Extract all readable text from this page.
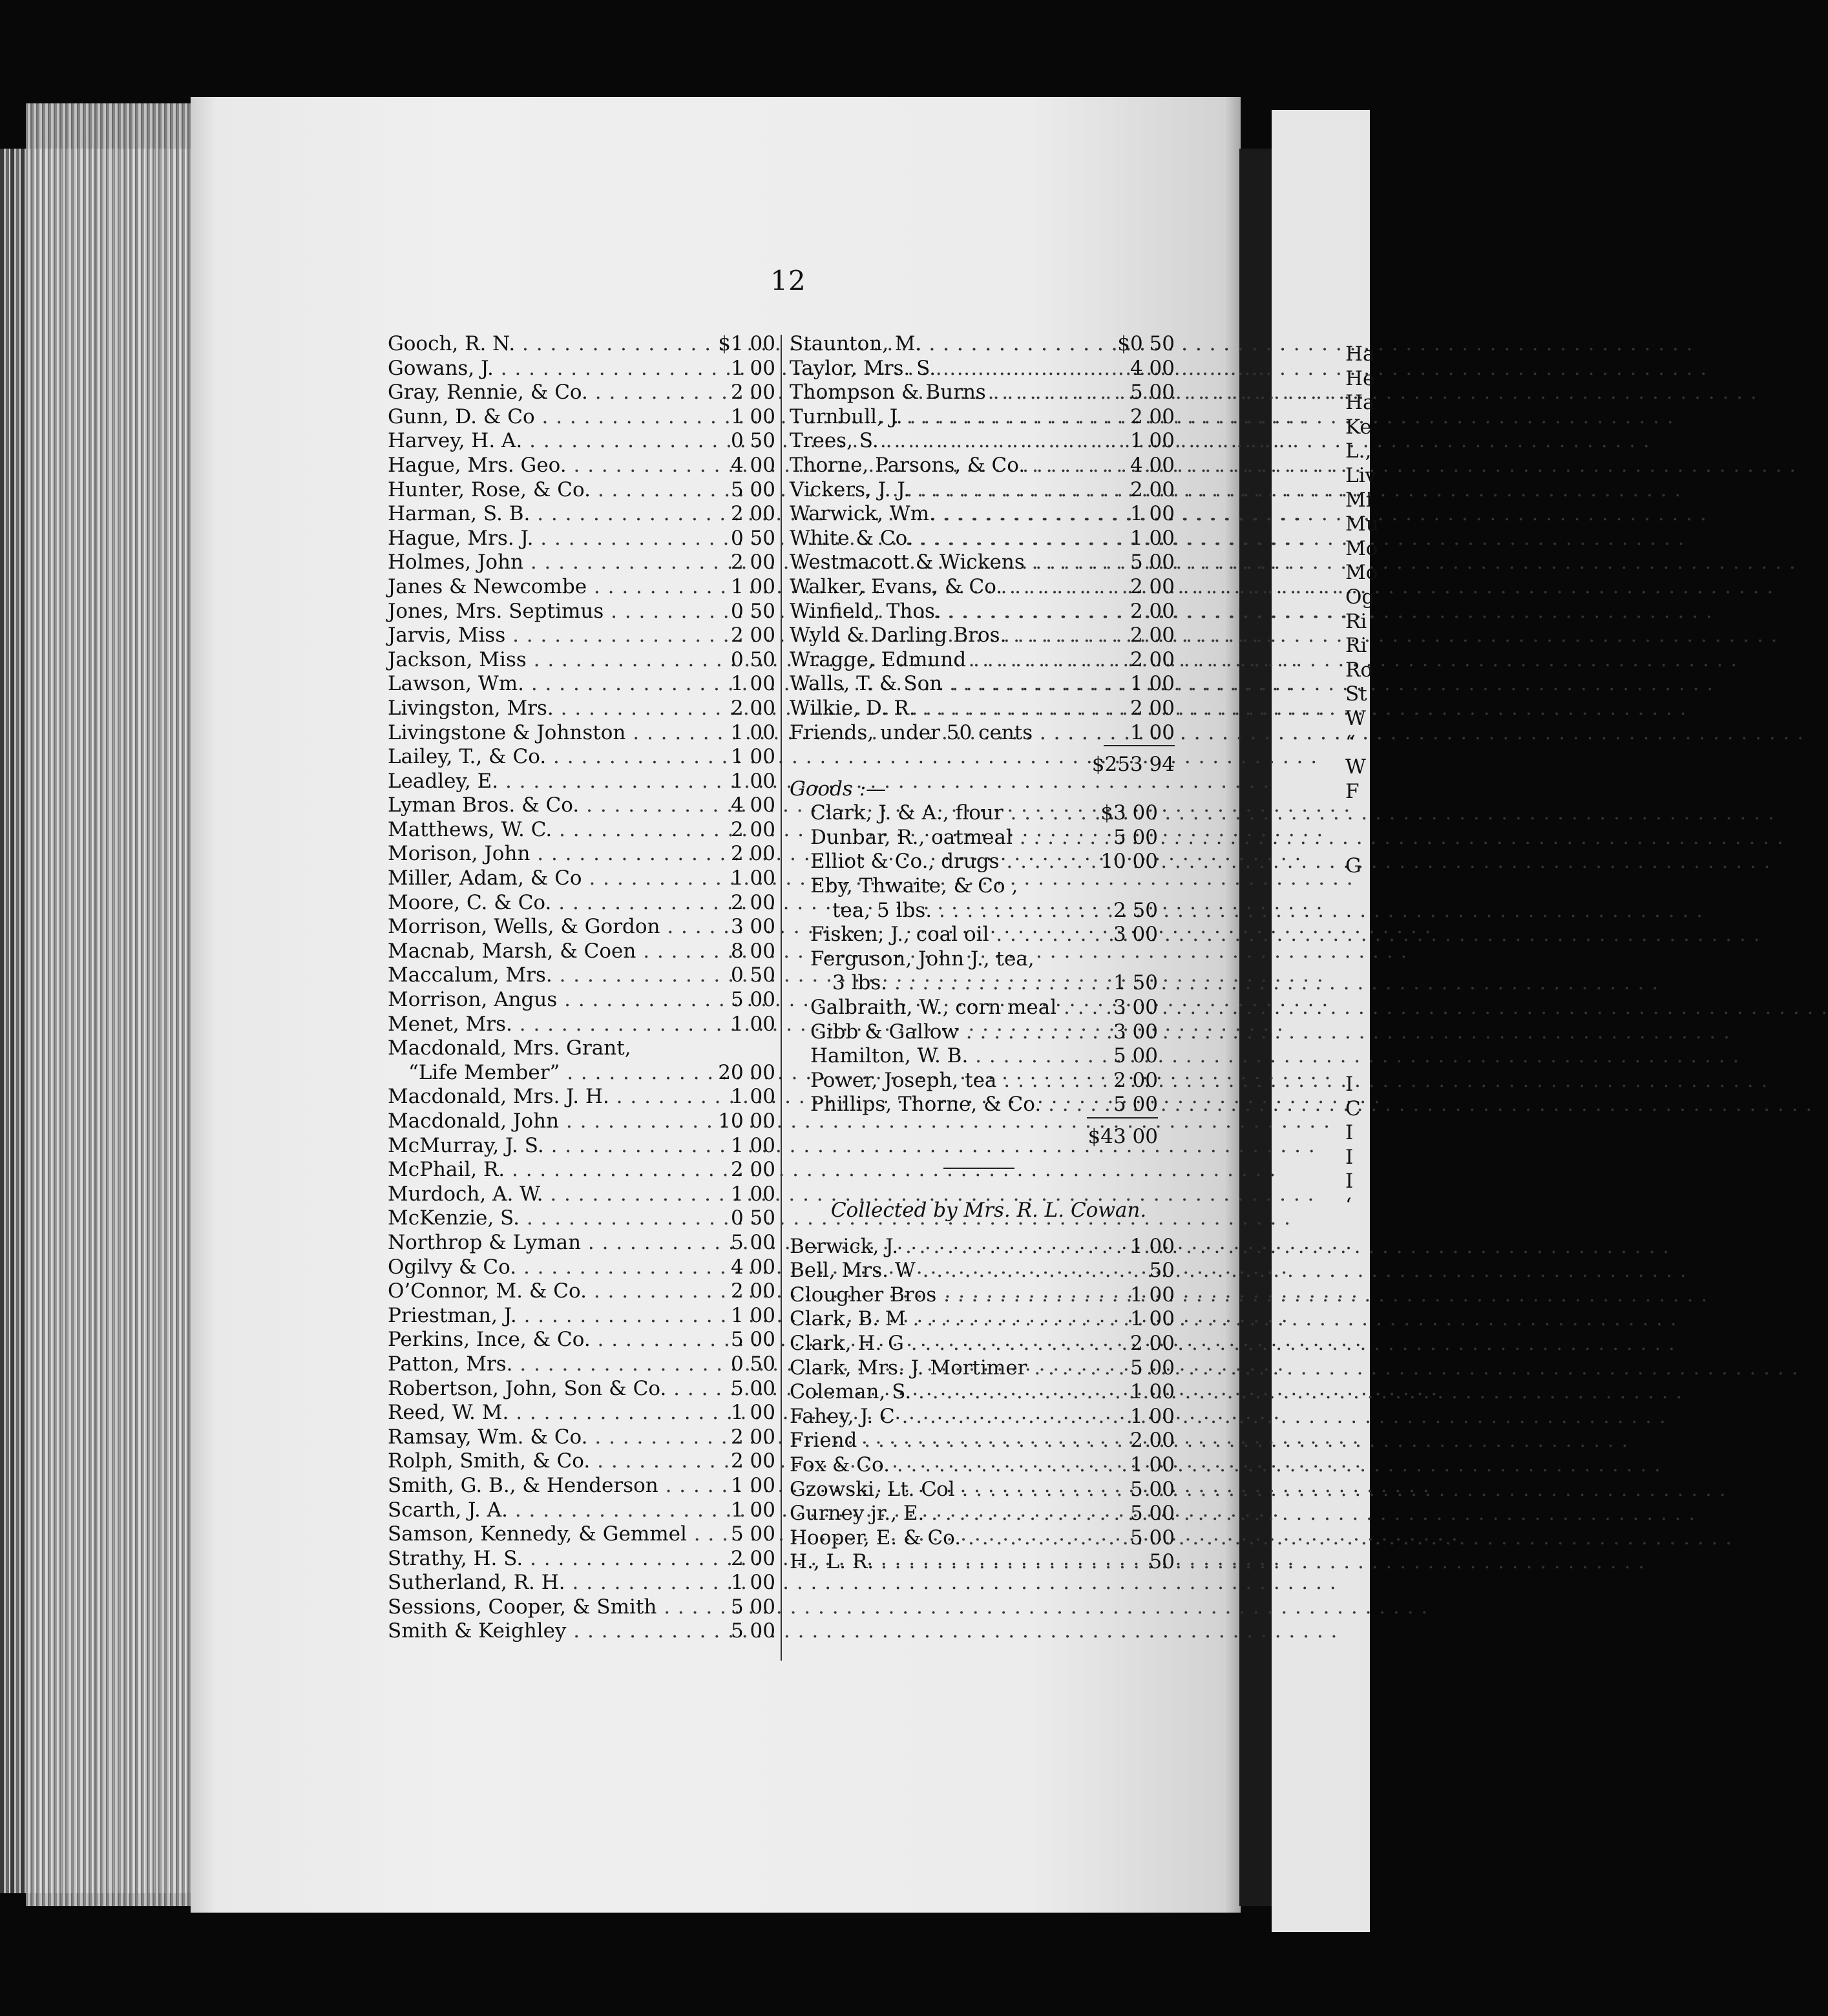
12
Gooch, R. N. . . .	$1 00
Gowans, J. . . .	1 00
Gray, Rennie, & Co. . . .	2 00
Gunn, D. & Co . . .	1 00
Harvey, H. A. . . .	0 50
Hague, Mrs. Geo. . . .	4 00
Hunter, Rose, & Co. . . .	5 00
Harman, S. B. . . .	2 00
Hague, Mrs. J. . . .	0 50
Holmes, John . . .	2 00
Janes & Newcombe . . .	1 00
Jones, Mrs. Septimus . . .	0 50
Jarvis, Miss . . .	2 00
Jackson, Miss . . .	0 50
Lawson, Wm. . . .	1 00
Livingston, Mrs. . . .	2 00
Livingstone & Johnston . . .	1 00
Lailey, T., & Co. . . .	1 00
Leadley, E. . . .	1 00
Lyman Bros. & Co. . . .	4 00
Matthews, W. C. . . .	2 00
Morison, John . . .	2 00
Miller, Adam, & Co . . .	1 00
Moore, C. & Co. . . .	2 00
Morrison, Wells, & Gordon . . .	3 00
Macnab, Marsh, & Coen . . .	8 00
Maccalum, Mrs. . . .	0 50
Morrison, Angus . . .	5 00
Menet, Mrs. . . .	1 00
Macdonald, Mrs. Grant,
“Life Member” . . .	20 00
Macdonald, Mrs. J. H. . . .	1 00
Macdonald, John . . .	10 00
McMurray, J. S. . . .	1 00
McPhail, R. . . .	2 00
Murdoch, A. W. . . .	1 00
McKenzie, S. . . .	0 50
Northrop & Lyman . . .	5 00
Ogilvy & Co. . . .	4 00
O’Connor, M. & Co. . . .	2 00
Priestman, J. . . .	1 00
Perkins, Ince, & Co. . . .	5 00
Patton, Mrs. . . .	0 50
Robertson, John, Son & Co. . . .	5 00
Reed, W. M. . . .	1 00
Ramsay, Wm. & Co. . . .	2 00
Rolph, Smith, & Co. . . .	2 00
Smith, G. B., & Henderson . . .	1 00
Scarth, J. A. . . .	1 00
Samson, Kennedy, & Gemmel . . .	5 00
Strathy, H. S. . . .	2 00
Sutherland, R. H. . . .	1 00
Sessions, Cooper, & Smith . . .	5 00
Smith & Keighley . . .	5 00
Staunton, M. . . .	$0 50
Taylor, Mrs. S. . . .	4 00
Thompson & Burns . . .	5 00
Turnbull, J. . . .	2 00
Trees, S. . . .	1 00
Thorne, Parsons, & Co. . . .	4 00
Vickers, J. J. . . .	2 00
Warwick, Wm. . . .	1 00
White & Co. . . .	1 00
Westmacott & Wickens . . .	5 00
Walker, Evans, & Co. . . .	2 00
Winfield, Thos. . . .	2 00
Wyld & Darling Bros. . . .	2 00
Wragge, Edmund . . .	2 00
Walls, T. & Son . . .	1 00
Wilkie, D. R. . . .	2 00
Friends, under 50 cents . . .	1 00
$253 94
Goods :—
Clark, J. & A., flour . . .	$3 00
Dunbar, R., oatmeal . . .	5 00
Elliot & Co., drugs . . .	10 00
Eby, Thwaite, & Co ,
tea, 5 lbs. . . .	2 50
Fisken, J., coal oil . . .	3 00
Ferguson, John J., tea,
3 lbs. . . .	1 50
Galbraith, W., corn meal . . .	3 00
Gibb & Gallow . . .	3 00
Hamilton, W. B. . . .	5 00
Power, Joseph, tea . . .	2 00
Phillips, Thorne, & Co. . . .	5 00
$43 00
Collected by Mrs. R. L. Cowan.
Berwick, J. . . .	1 00
Bell, Mrs. W . . .	50
Clougher Bros . . .	1 00
Clark, B. M . . .	1 00
Clark, H. G . . .	2 00
Clark, Mrs. J. Mortimer . . .	5 00
Coleman, S. . . .	1 00
Fahey, J. C . . .	1 00
Friend . . .	2 00
Fox & Co. . . .	1 00
Gzowski, Lt. Col . . .	5 00
Gurney jr., E. . . .	5 00
Hooper, E. & Co. . . .	5 00
H., L. R. . . .	50
Ha
He
Ha
Ke
L.,
Liv
Mi
Mu
Mo
Mo
Og
Ri
Ri
Ro
St
W
“
W
F
G
I
C
I
I
I
‘
